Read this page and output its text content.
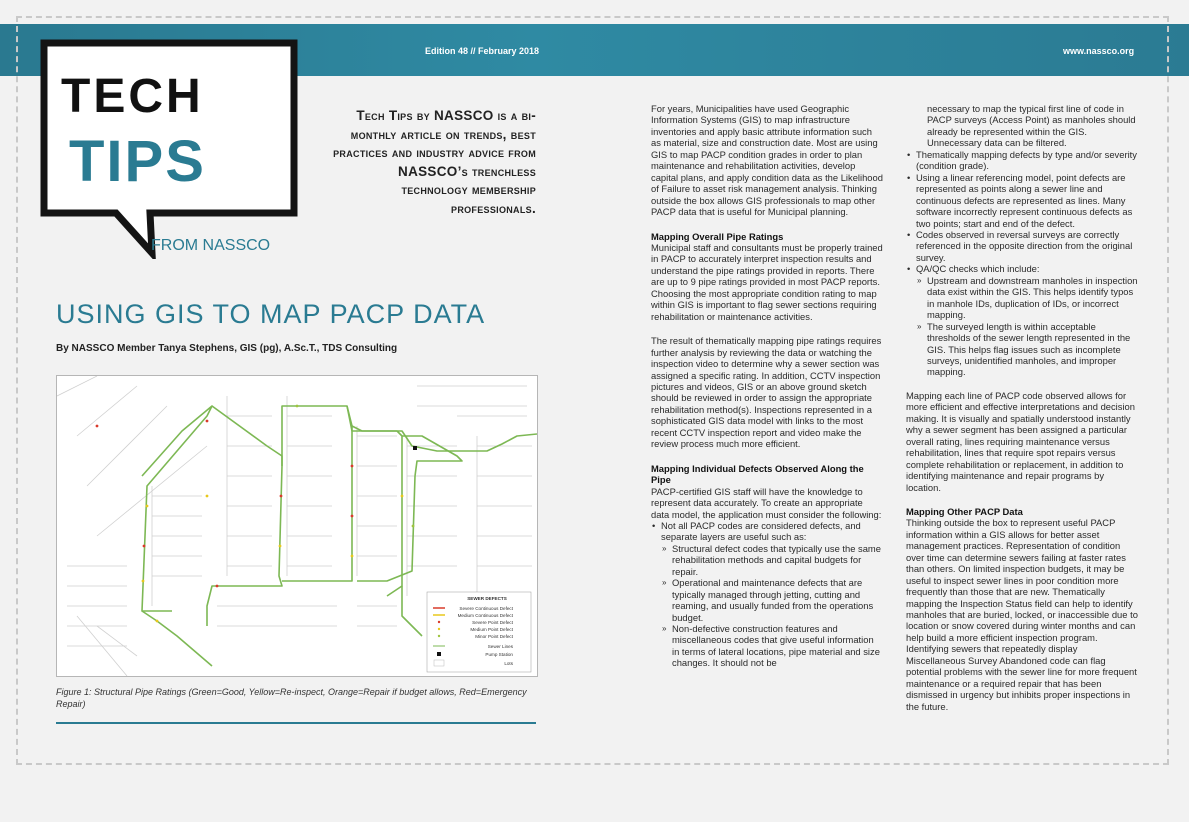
Edition 48 // February 2018	www.nassco.org
TECH
TIPS
FROM NASSCO
Tech Tips by NASSCO is a bi-monthly article on trends, best practices and industry advice from NASSCO’s trenchless technology membership professionals.
USING GIS TO MAP PACP DATA
By NASSCO Member Tanya Stephens, GIS (pg), A.Sc.T., TDS Consulting
SEWER DEFECTS
Severe Continuous Defect
Medium Continuous Defect
Severe Point Defect
Medium Point Defect
Minor Point Defect
Sewer Lines
Pump Station
Lots
Figure 1: Structural Pipe Ratings (Green=Good, Yellow=Re-inspect, Orange=Repair if budget allows, Red=Emergency Repair)

For years, Municipalities have used Geographic Information Systems (GIS) to map infrastructure inventories and apply basic attribute information such as material, size and construction date. Most are using GIS to map PACP condition grades in order to plan maintenance and rehabilitation activities, develop capital plans, and apply condition data as the Likelihood of Failure to asset risk management analysis. Thinking outside the box allows GIS professionals to map other PACP data that is useful for Municipal planning.

Mapping Overall Pipe Ratings

Municipal staff and consultants must be properly trained in PACP to accurately interpret inspection results and understand the pipe ratings provided in reports. There are up to 9 pipe ratings provided in most PACP reports. Choosing the most appropriate condition rating to map within GIS is important to flag sewer sections requiring rehabilitation or maintenance activities.

The result of thematically mapping pipe ratings requires further analysis by reviewing the data or watching the inspection video to determine why a sewer section was assigned a specific rating. In addition, CCTV inspection pictures and videos, GIS or an above ground sketch should be reviewed in order to assign the appropriate rehabilitation method(s). Inspections represented in a sophisticated GIS data model with links to the most recent CCTV inspection report and video make the review process much more efficient.

Mapping Individual Defects Observed Along the Pipe

PACP-certified GIS staff will have the knowledge to represent data accurately. To create an appropriate data model, the application must consider the following:

• Not all PACP codes are considered defects, and separate layers are useful such as:
» Structural defect codes that typically use the same rehabilitation methods and capital budgets for repair.
» Operational and maintenance defects that are typically managed through jetting, cutting and reaming, and usually funded from the operations budget.
» Non-defective construction features and miscellaneous codes that give useful information in terms of lateral locations, pipe material and size changes. It should not be
necessary to map the typical first line of code in PACP surveys (Access Point) as manholes should already be represented within the GIS. Unnecessary data can be filtered.
• Thematically mapping defects by type and/or severity (condition grade).
• Using a linear referencing model, point defects are represented as points along a sewer line and continuous defects are represented as lines. Many software incorrectly represent continuous defects as two points; start and end of the defect.
• Codes observed in reversal surveys are correctly referenced in the opposite direction from the original survey.
• QA/QC checks which include:
» Upstream and downstream manholes in inspection data exist within the GIS. This helps identify typos in manhole IDs, duplication of IDs, or incorrect mapping.
» The surveyed length is within acceptable thresholds of the sewer length represented in the GIS. This helps flag issues such as incomplete surveys, unidentified manholes, and improper mapping.

Mapping each line of PACP code observed allows for more efficient and effective interpretations and decision making. It is visually and spatially understood instantly why a sewer segment has been assigned a particular overall rating, lines requiring maintenance versus rehabilitation, lines that require spot repairs versus complete rehabilitation or replacement, in addition to identifying maintenance and repair programs by location.

Mapping Other PACP Data

Thinking outside the box to represent useful PACP information within a GIS allows for better asset management practices. Representation of condition over time can determine sewers failing at faster rates than others. On limited inspection budgets, it may be useful to inspect sewer lines in poor condition more frequently than those that are new. Thematically mapping the Inspection Status field can help to identify manholes that are buried, locked, or inaccessible due to location or snow covered during winter months and can help build a more efficient inspection program. Identifying sewers that repeatedly display Miscellaneous Survey Abandoned code can flag potential problems with the sewer line for more frequent maintenance or a required repair that has been dismissed in urgency but inhibits proper inspections in the future.
